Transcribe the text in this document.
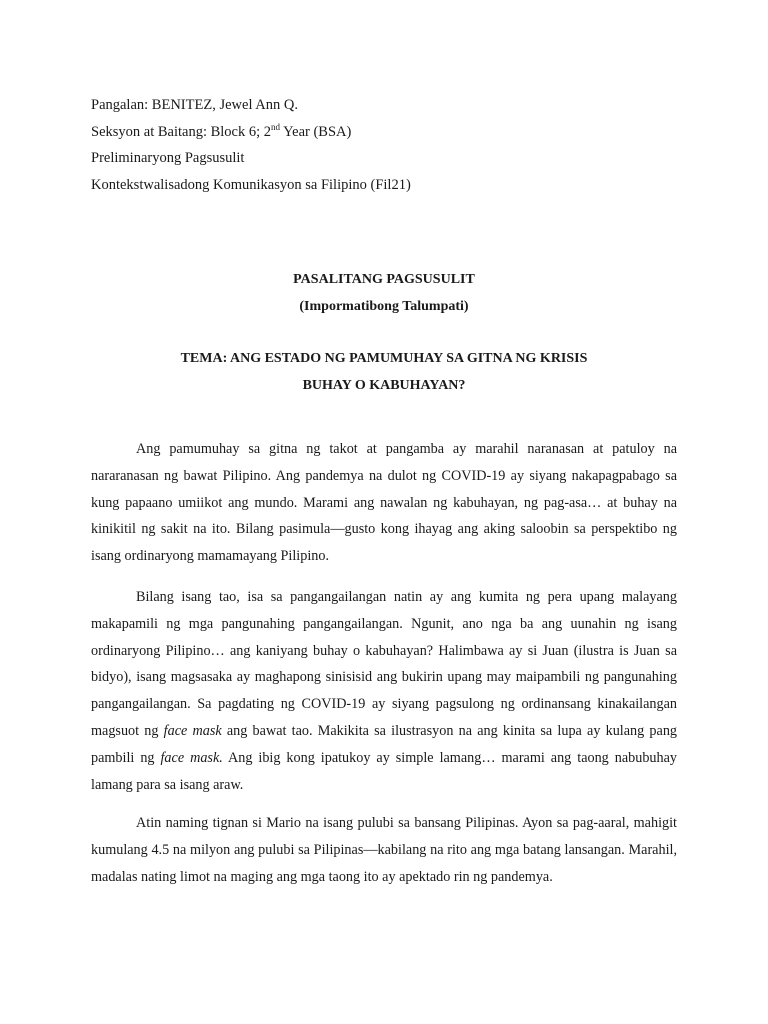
Pangalan: BENITEZ, Jewel Ann Q.
Seksyon at Baitang: Block 6; 2nd Year (BSA)
Preliminaryong Pagsusulit
Kontekstwalisadong Komunikasyon sa Filipino (Fil21)
PASALITANG PAGSUSULIT
(Impormatibong Talumpati)
TEMA: ANG ESTADO NG PAMUMUHAY SA GITNA NG KRISIS
BUHAY O KABUHAYAN?

Ang pamumuhay sa gitna ng takot at pangamba ay marahil naranasan at patuloy na nararanasan ng bawat Pilipino. Ang pandemya na dulot ng COVID-19 ay siyang nakapagpabago sa kung papaano umiikot ang mundo. Marami ang nawalan ng kabuhayan, ng pag-asa… at buhay na kinikitil ng sakit na ito. Bilang pasimula—gusto kong ihayag ang aking saloobin sa perspektibo ng isang ordinaryong mamamayang Pilipino.

Bilang isang tao, isa sa pangangailangan natin ay ang kumita ng pera upang malayang makapamili ng mga pangunahing pangangailangan. Ngunit, ano nga ba ang uunahin ng isang ordinaryong Pilipino… ang kaniyang buhay o kabuhayan? Halimbawa ay si Juan (ilustra is Juan sa bidyo), isang magsasaka ay maghapong sinisisid ang bukirin upang may maipambili ng pangunahing pangangailangan. Sa pagdating ng COVID-19 ay siyang pagsulong ng ordinansang kinakailangan magsuot ng face mask ang bawat tao. Makikita sa ilustrasyon na ang kinita sa lupa ay kulang pang pambili ng face mask. Ang ibig kong ipatukoy ay simple lamang… marami ang taong nabubuhay lamang para sa isang araw.

Atin naming tignan si Mario na isang pulubi sa bansang Pilipinas. Ayon sa pag-aaral, mahigit kumulang 4.5 na milyon ang pulubi sa Pilipinas—kabilang na rito ang mga batang lansangan. Marahil, madalas nating limot na maging ang mga taong ito ay apektado rin ng pandemya.
